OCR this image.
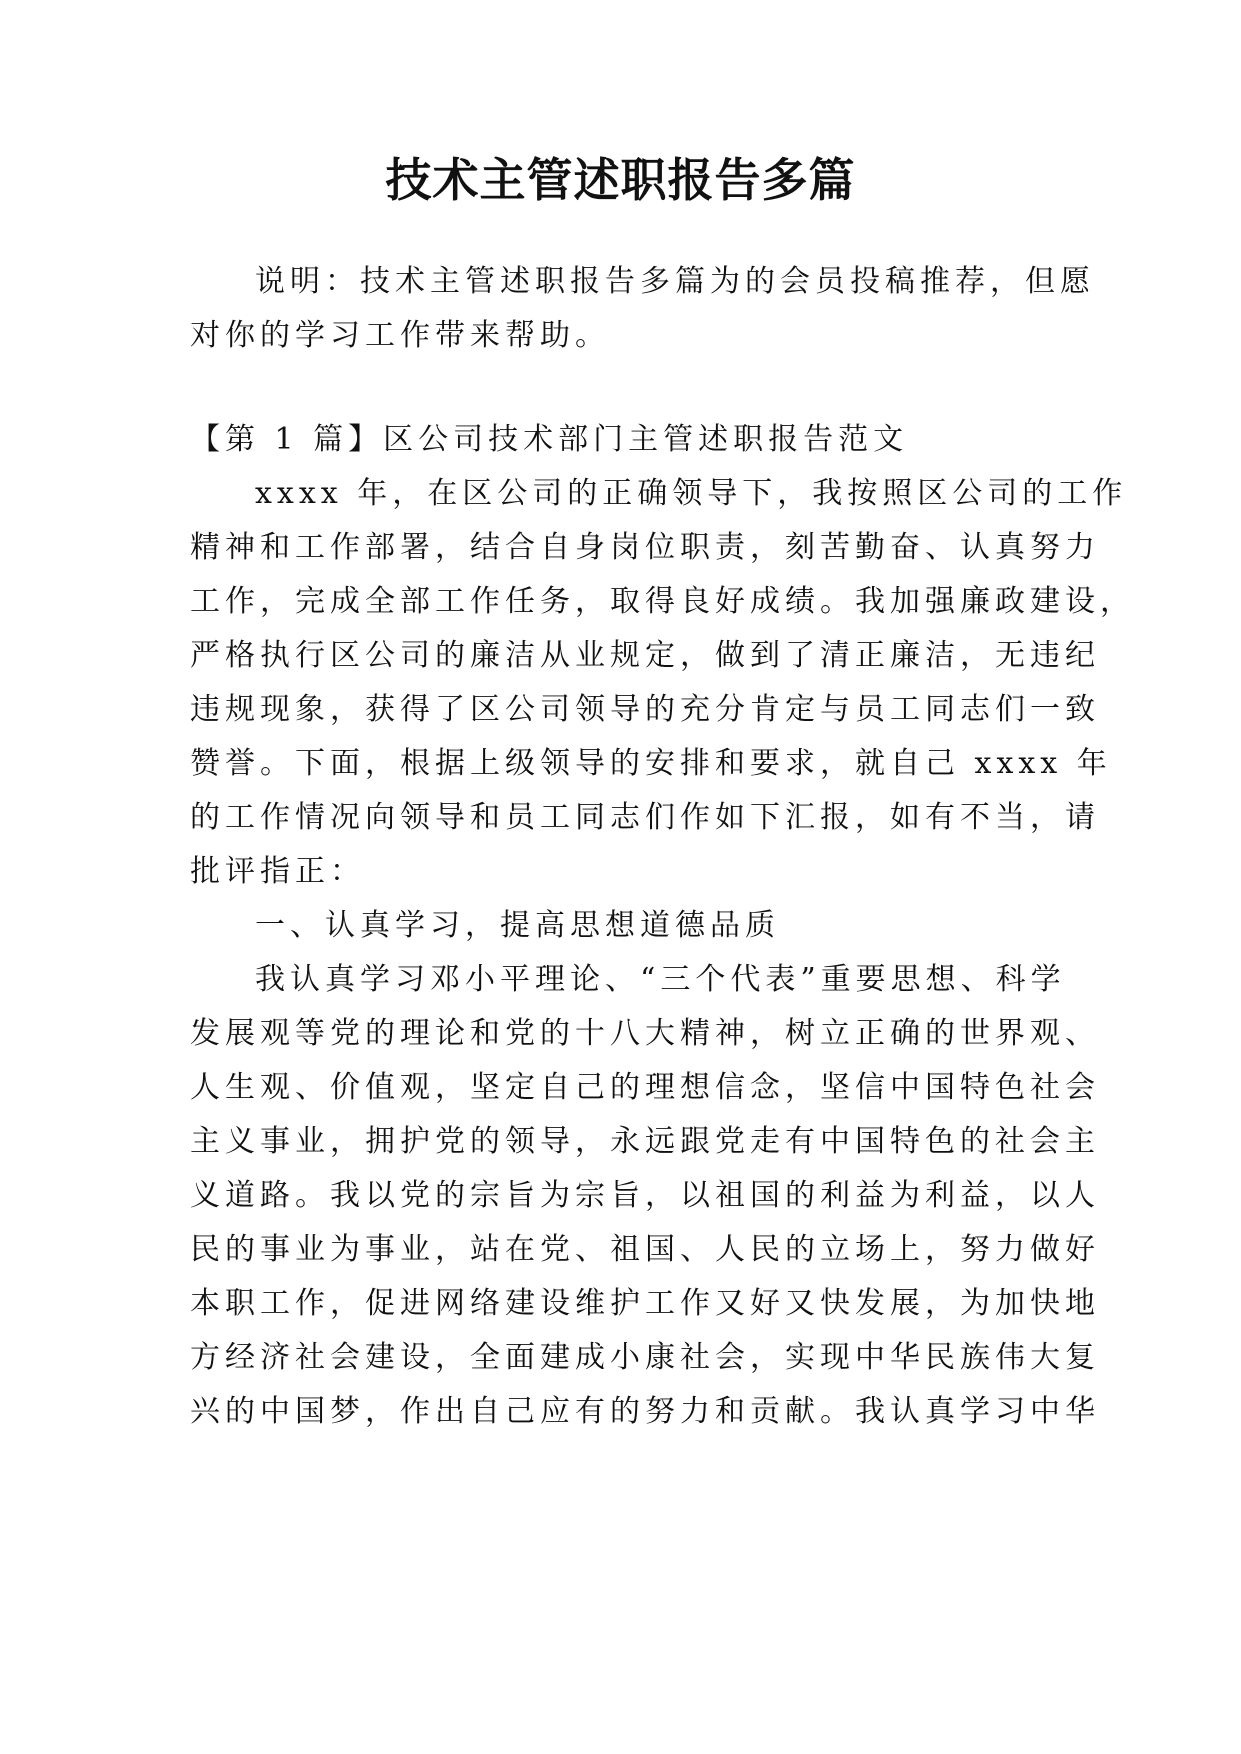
技术主管述职报告多篇
说明：技术主管述职报告多篇为的会员投稿推荐，但愿
对你的学习工作带来帮助。
【第 1 篇】区公司技术部门主管述职报告范文
xxxx 年，在区公司的正确领导下，我按照区公司的工作
精神和工作部署，结合自身岗位职责，刻苦勤奋、认真努力
工作，完成全部工作任务，取得良好成绩。我加强廉政建设，
严格执行区公司的廉洁从业规定，做到了清正廉洁，无违纪
违规现象，获得了区公司领导的充分肯定与员工同志们一致
赞誉。下面，根据上级领导的安排和要求，就自己 xxxx 年
的工作情况向领导和员工同志们作如下汇报，如有不当，请
批评指正：
一、认真学习，提高思想道德品质
我认真学习邓小平理论、“三个代表”重要思想、科学
发展观等党的理论和党的十八大精神，树立正确的世界观、
人生观、价值观，坚定自己的理想信念，坚信中国特色社会
主义事业，拥护党的领导，永远跟党走有中国特色的社会主
义道路。我以党的宗旨为宗旨，以祖国的利益为利益，以人
民的事业为事业，站在党、祖国、人民的立场上，努力做好
本职工作，促进网络建设维护工作又好又快发展，为加快地
方经济社会建设，全面建成小康社会，实现中华民族伟大复
兴的中国梦，作出自己应有的努力和贡献。我认真学习中华
